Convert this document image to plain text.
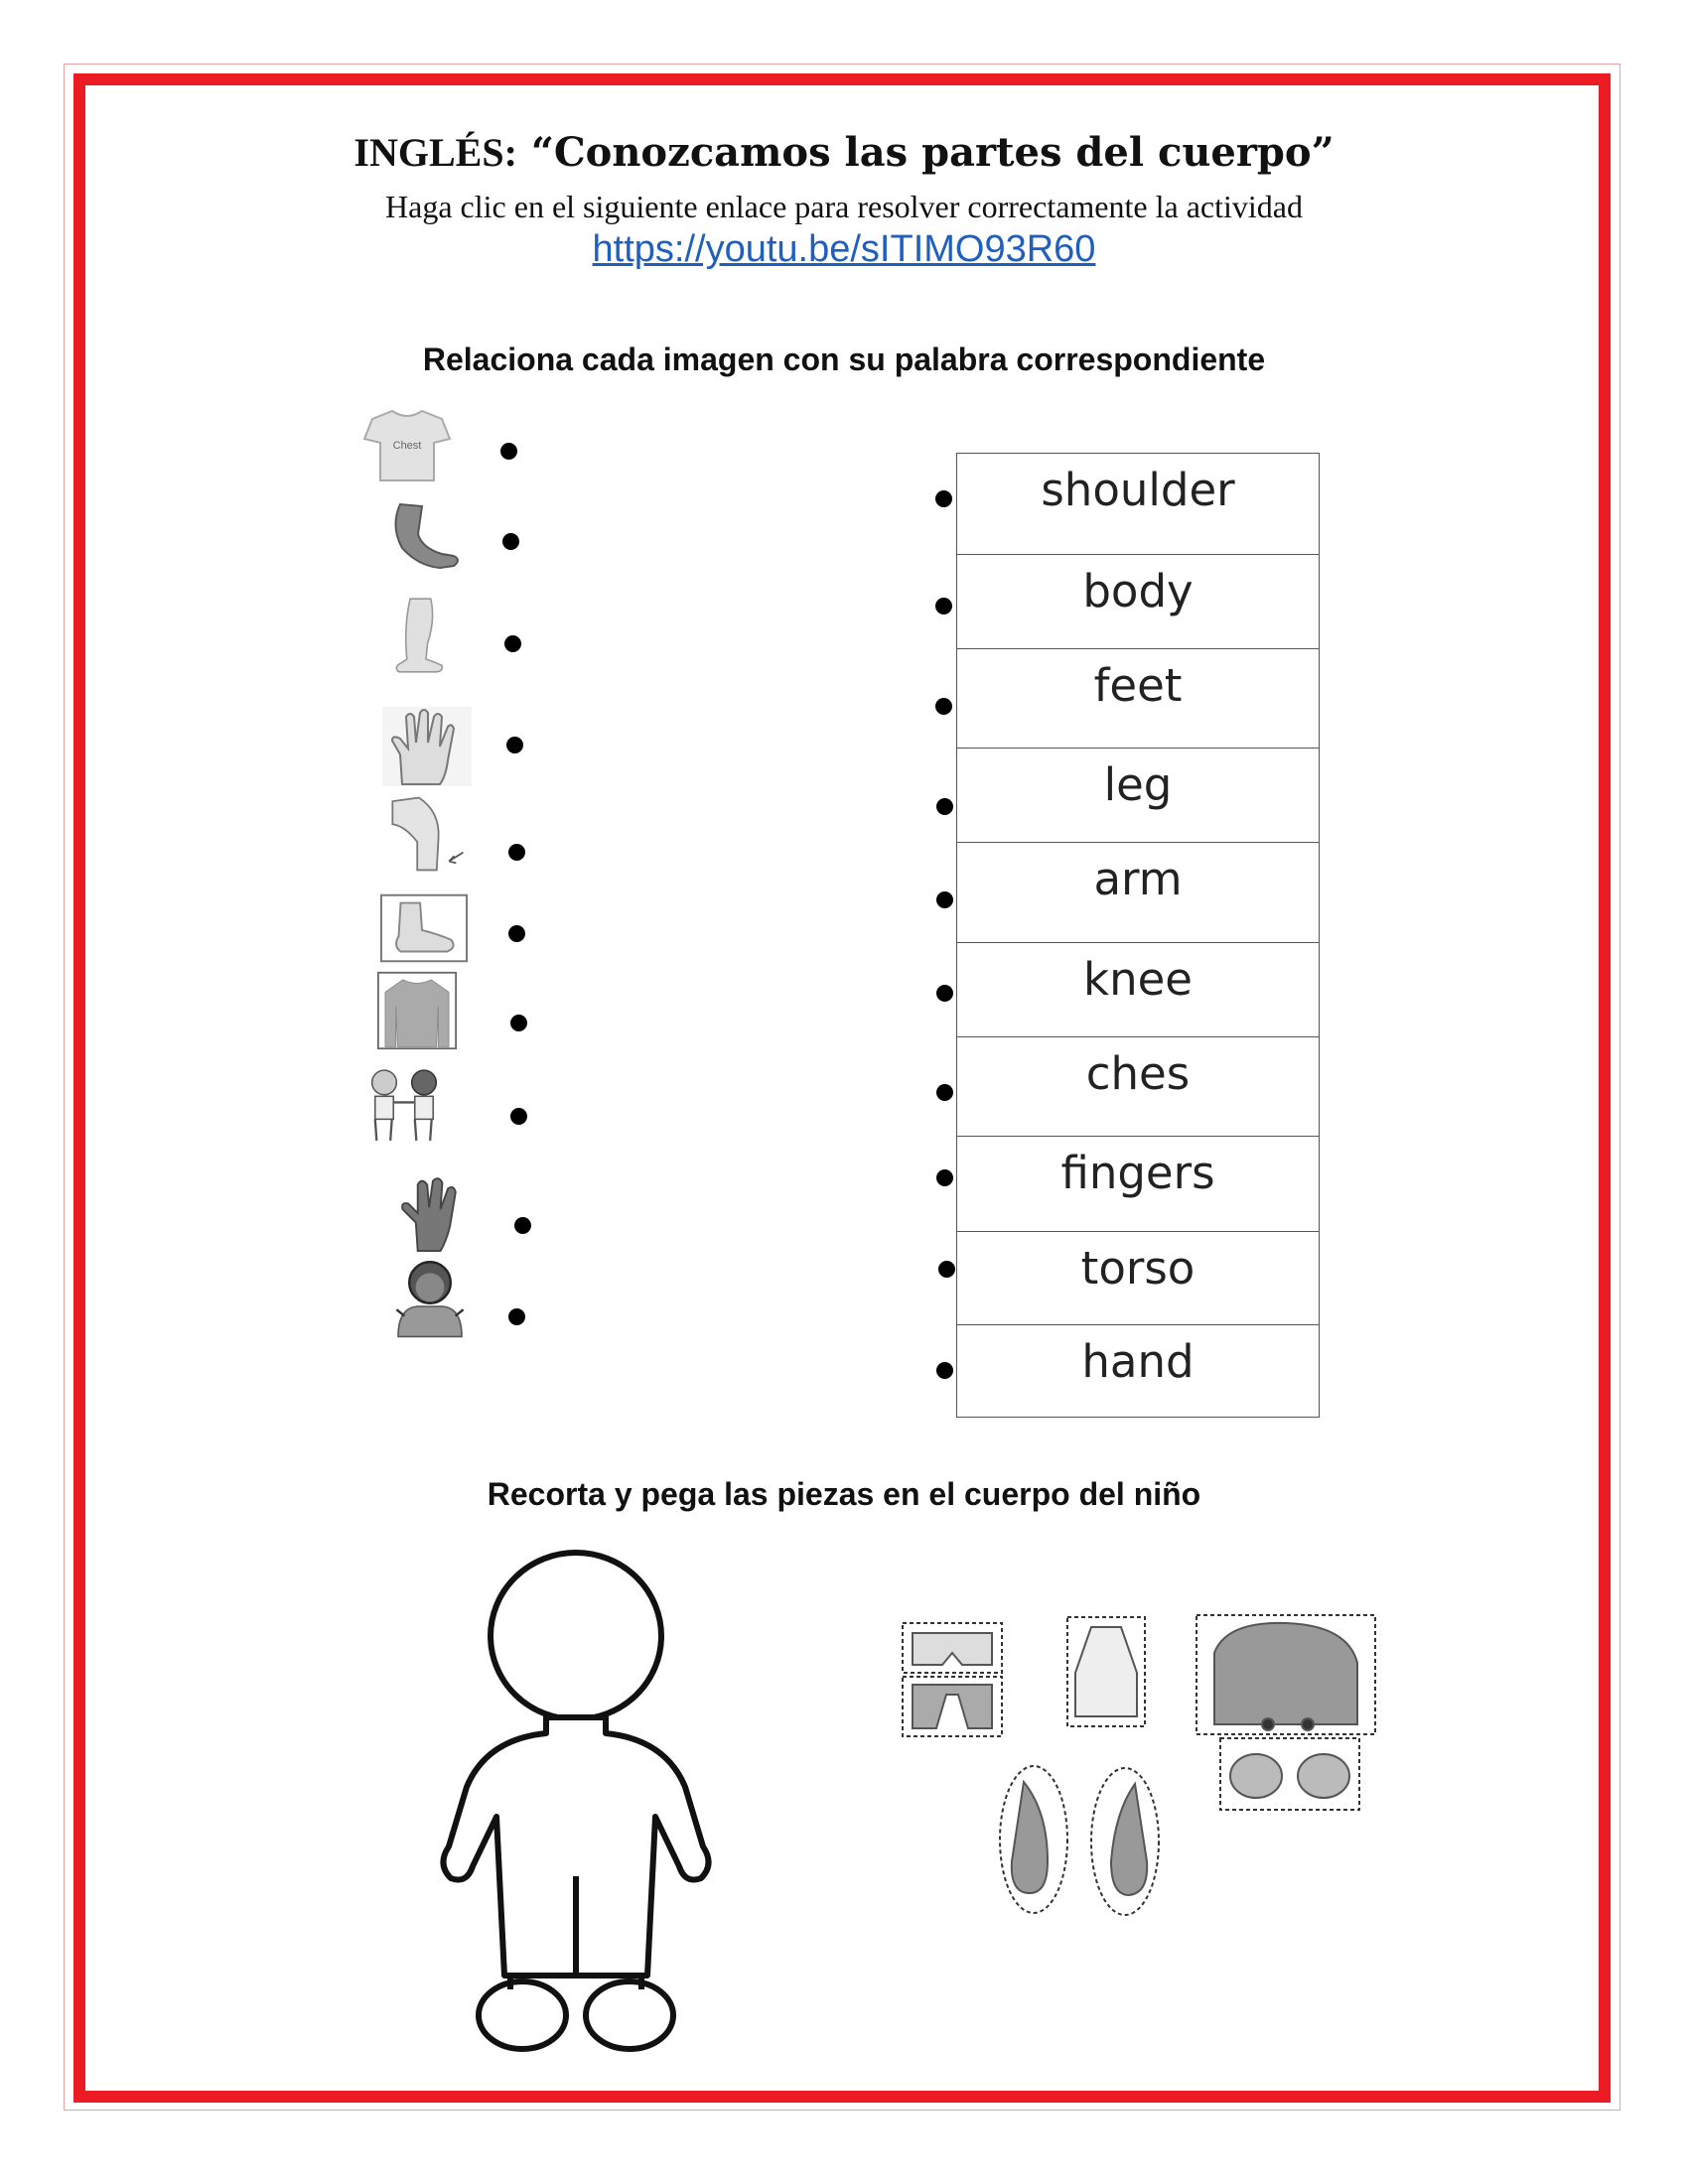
INGLÉS: “Conozcamos las partes del cuerpo”
Haga clic en el siguiente enlace para resolver correctamente la actividad
https://youtu.be/sITIMO93R60
Relaciona cada imagen con su palabra correspondiente
Chest
shoulder
body
feet
leg
arm
knee
ches
fingers
torso
hand
Recorta y pega las piezas en el cuerpo del niño
